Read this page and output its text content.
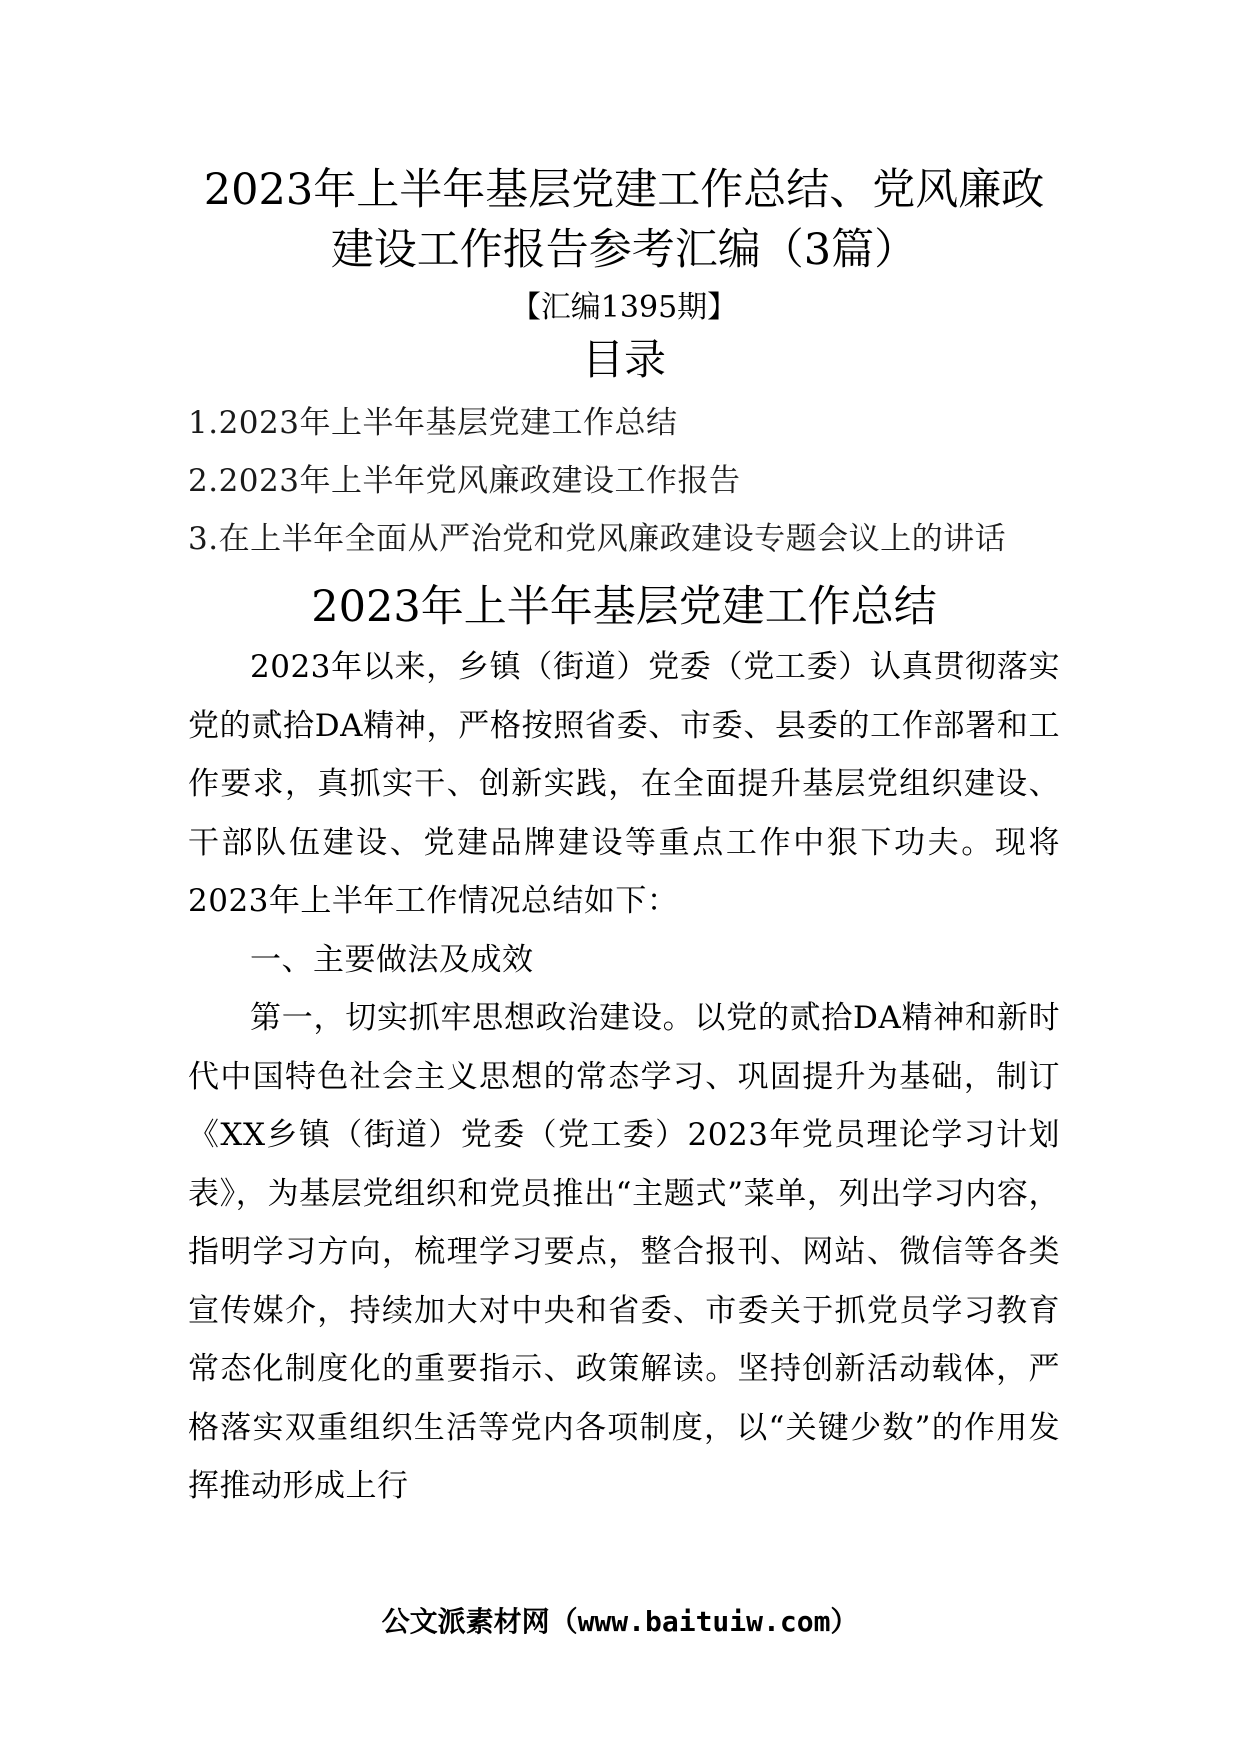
2023年上半年基层党建工作总结、党风廉政建设工作报告参考汇编（3篇）
【汇编1395期】
目录
1.2023年上半年基层党建工作总结
2.2023年上半年党风廉政建设工作报告
3.在上半年全面从严治党和党风廉政建设专题会议上的讲话
2023年上半年基层党建工作总结

2023年以来，乡镇（街道）党委（党工委）认真贯彻落实党的贰拾DA精神，严格按照省委、市委、县委的工作部署和工作要求，真抓实干、创新实践，在全面提升基层党组织建设、干部队伍建设、党建品牌建设等重点工作中狠下功夫。现将2023年上半年工作情况总结如下：

一、主要做法及成效

第一，切实抓牢思想政治建设。以党的贰拾DA精神和新时代中国特色社会主义思想的常态学习、巩固提升为基础，制订《XX乡镇（街道）党委（党工委）2023年党员理论学习计划表》，为基层党组织和党员推出“主题式”菜单，列出学习内容，指明学习方向，梳理学习要点，整合报刊、网站、微信等各类宣传媒介，持续加大对中央和省委、市委关于抓党员学习教育常态化制度化的重要指示、政策解读。坚持创新活动载体，严格落实双重组织生活等党内各项制度，以“关键少数”的作用发挥推动形成上行

公文派素材网（www.baituiw.com）
